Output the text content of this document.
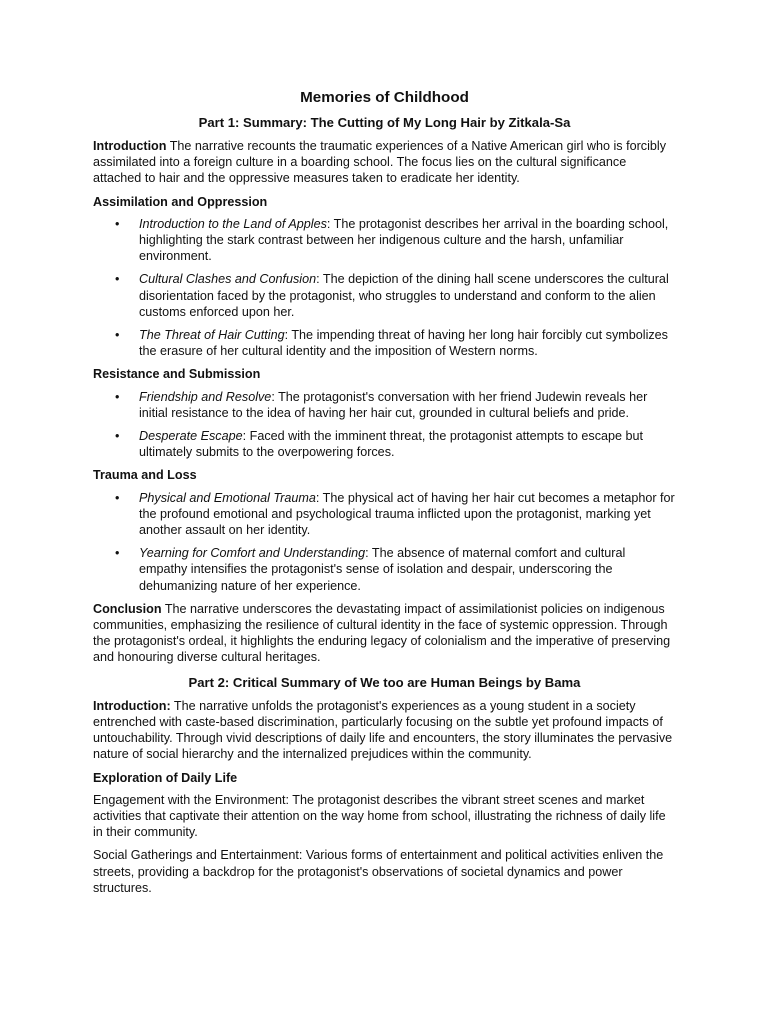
Memories of Childhood
Part 1: Summary: The Cutting of My Long Hair by Zitkala-Sa

Introduction The narrative recounts the traumatic experiences of a Native American girl who is forcibly assimilated into a foreign culture in a boarding school. The focus lies on the cultural significance attached to hair and the oppressive measures taken to eradicate her identity.

Assimilation and Oppression
• Introduction to the Land of Apples: The protagonist describes her arrival in the boarding school, highlighting the stark contrast between her indigenous culture and the harsh, unfamiliar environment.
• Cultural Clashes and Confusion: The depiction of the dining hall scene underscores the cultural disorientation faced by the protagonist, who struggles to understand and conform to the alien customs enforced upon her.
• The Threat of Hair Cutting: The impending threat of having her long hair forcibly cut symbolizes the erasure of her cultural identity and the imposition of Western norms.
Resistance and Submission
• Friendship and Resolve: The protagonist's conversation with her friend Judewin reveals her initial resistance to the idea of having her hair cut, grounded in cultural beliefs and pride.
• Desperate Escape: Faced with the imminent threat, the protagonist attempts to escape but ultimately submits to the overpowering forces.
Trauma and Loss
• Physical and Emotional Trauma: The physical act of having her hair cut becomes a metaphor for the profound emotional and psychological trauma inflicted upon the protagonist, marking yet another assault on her identity.
• Yearning for Comfort and Understanding: The absence of maternal comfort and cultural empathy intensifies the protagonist's sense of isolation and despair, underscoring the dehumanizing nature of her experience.

Conclusion The narrative underscores the devastating impact of assimilationist policies on indigenous communities, emphasizing the resilience of cultural identity in the face of systemic oppression. Through the protagonist's ordeal, it highlights the enduring legacy of colonialism and the imperative of preserving and honouring diverse cultural heritages.

Part 2: Critical Summary of We too are Human Beings by Bama

Introduction: The narrative unfolds the protagonist's experiences as a young student in a society entrenched with caste-based discrimination, particularly focusing on the subtle yet profound impacts of untouchability. Through vivid descriptions of daily life and encounters, the story illuminates the pervasive nature of social hierarchy and the internalized prejudices within the community.

Exploration of Daily Life

Engagement with the Environment: The protagonist describes the vibrant street scenes and market activities that captivate their attention on the way home from school, illustrating the richness of daily life in their community.

Social Gatherings and Entertainment: Various forms of entertainment and political activities enliven the streets, providing a backdrop for the protagonist's observations of societal dynamics and power structures.
